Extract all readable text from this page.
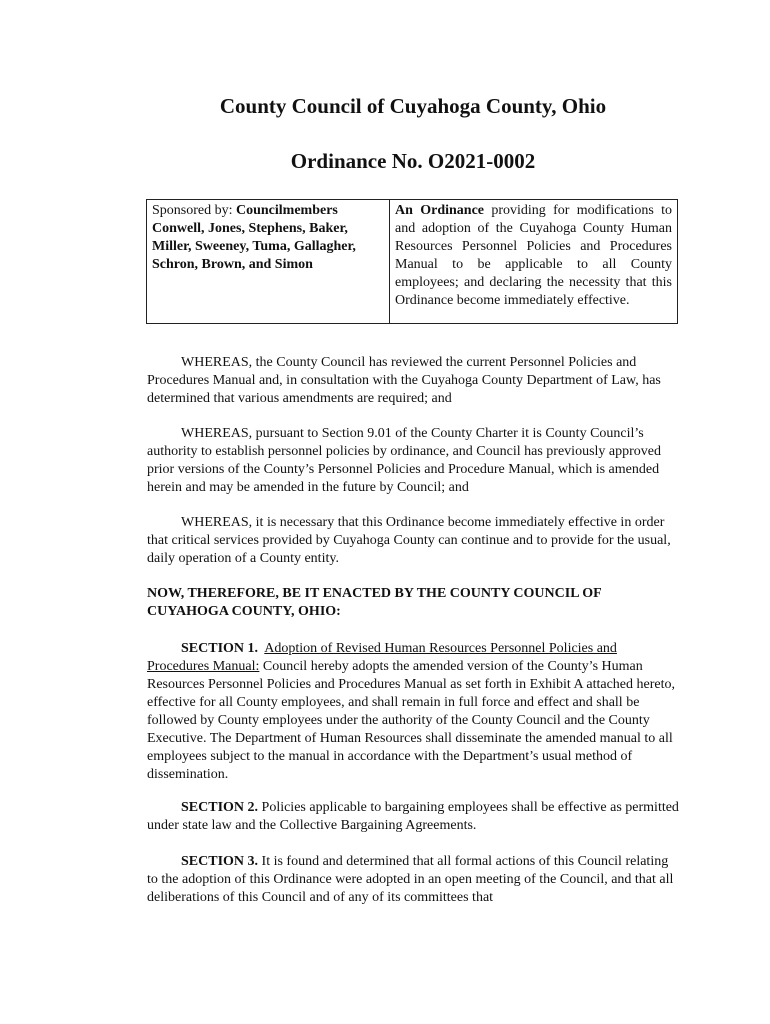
County Council of Cuyahoga County, Ohio
Ordinance No. O2021-0002
Sponsored by: Councilmembers Conwell, Jones, Stephens, Baker, Miller, Sweeney, Tuma, Gallagher, Schron, Brown, and Simon
An Ordinance providing for modifications to and adoption of the Cuyahoga County Human Resources Personnel Policies and Procedures Manual to be applicable to all County employees; and declaring the necessity that this Ordinance become immediately effective.
WHEREAS, the County Council has reviewed the current Personnel Policies and Procedures Manual and, in consultation with the Cuyahoga County Department of Law, has determined that various amendments are required; and
WHEREAS, pursuant to Section 9.01 of the County Charter it is County Council’s authority to establish personnel policies by ordinance, and Council has previously approved prior versions of the County’s Personnel Policies and Procedure Manual, which is amended herein and may be amended in the future by Council; and
WHEREAS, it is necessary that this Ordinance become immediately effective in order that critical services provided by Cuyahoga County can continue and to provide for the usual, daily operation of a County entity.
NOW, THEREFORE, BE IT ENACTED BY THE COUNTY COUNCIL OF CUYAHOGA COUNTY, OHIO:
SECTION 1. Adoption of Revised Human Resources Personnel Policies and Procedures Manual: Council hereby adopts the amended version of the County’s Human Resources Personnel Policies and Procedures Manual as set forth in Exhibit A attached hereto, effective for all County employees, and shall remain in full force and effect and shall be followed by County employees under the authority of the County Council and the County Executive. The Department of Human Resources shall disseminate the amended manual to all employees subject to the manual in accordance with the Department’s usual method of dissemination.
SECTION 2. Policies applicable to bargaining employees shall be effective as permitted under state law and the Collective Bargaining Agreements.
SECTION 3. It is found and determined that all formal actions of this Council relating to the adoption of this Ordinance were adopted in an open meeting of the Council, and that all deliberations of this Council and of any of its committees that
